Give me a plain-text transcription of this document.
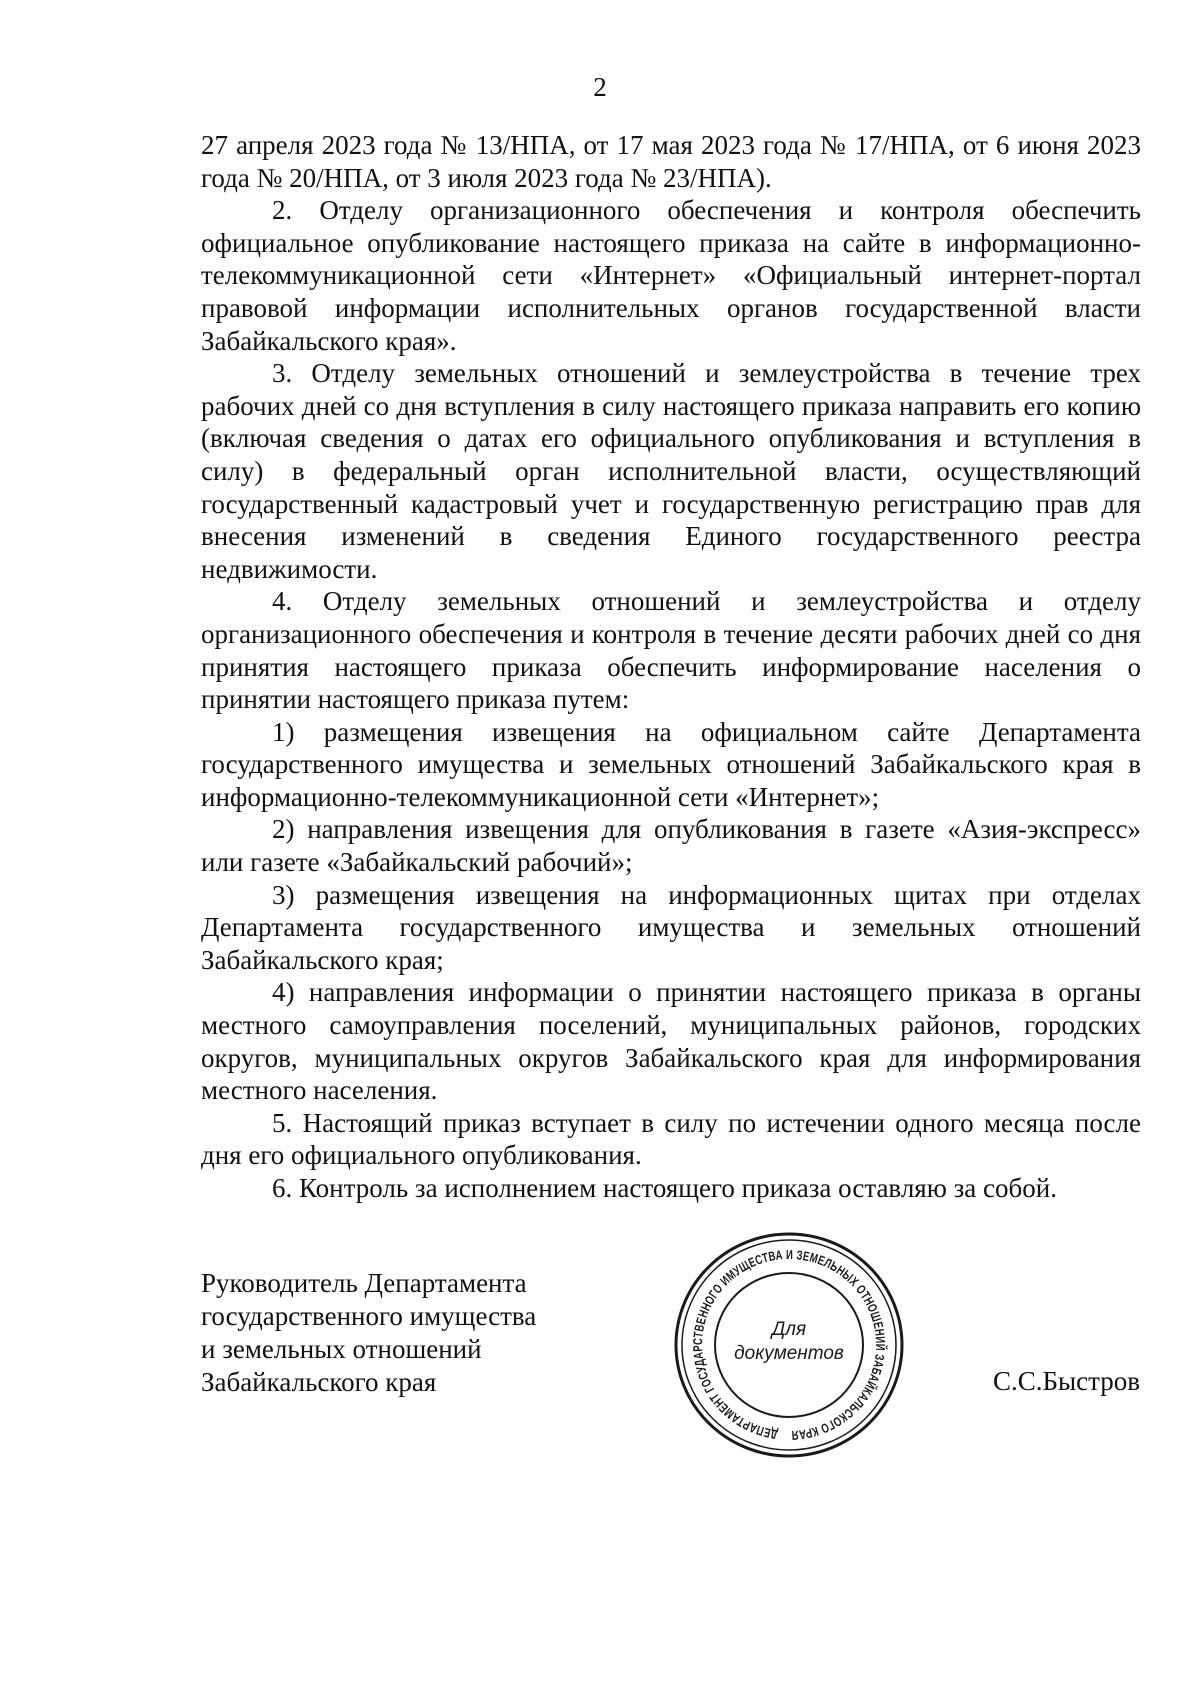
2

27 апреля 2023 года № 13/НПА, от 17 мая 2023 года № 17/НПА, от 6 июня 2023 года № 20/НПА, от 3 июля 2023 года № 23/НПА).

2. Отделу организационного обеспечения и контроля обеспечить официальное опубликование настоящего приказа на сайте в информационно-телекоммуникационной сети «Интернет» «Официальный интернет-портал правовой информации исполнительных органов государственной власти Забайкальского края».

3. Отделу земельных отношений и землеустройства в течение трех рабочих дней со дня вступления в силу настоящего приказа направить его копию (включая сведения о датах его официального опубликования и вступления в силу) в федеральный орган исполнительной власти, осуществляющий государственный кадастровый учет и государственную регистрацию прав для внесения изменений в сведения Единого государственного реестра недвижимости.

4. Отделу земельных отношений и землеустройства и отделу организационного обеспечения и контроля в течение десяти рабочих дней со дня принятия настоящего приказа обеспечить информирование населения о принятии настоящего приказа путем:

1) размещения извещения на официальном сайте Департамента государственного имущества и земельных отношений Забайкальского края в информационно-телекоммуникационной сети «Интернет»;

2) направления извещения для опубликования в газете «Азия-экспресс» или газете «Забайкальский рабочий»;

3) размещения извещения на информационных щитах при отделах Департамента государственного имущества и земельных отношений Забайкальского края;

4) направления информации о принятии настоящего приказа в органы местного самоуправления поселений, муниципальных районов, городских округов, муниципальных округов Забайкальского края для информирования местного населения.

5. Настоящий приказ вступает в силу по истечении одного месяца после дня его официального опубликования.

6. Контроль за исполнением настоящего приказа оставляю за собой.

Руководитель Департамента
государственного имущества
и земельных отношений
Забайкальского края
ДЕПАРТАМЕНТ ГОСУДАРСТВЕННОГО ИМУЩЕСТВА И ЗЕМЕЛЬНЫХ ОТНОШЕНИЙ ЗАБАЙКАЛЬСКОГО КРАЯ
Для
документов
С.С.Быстров
